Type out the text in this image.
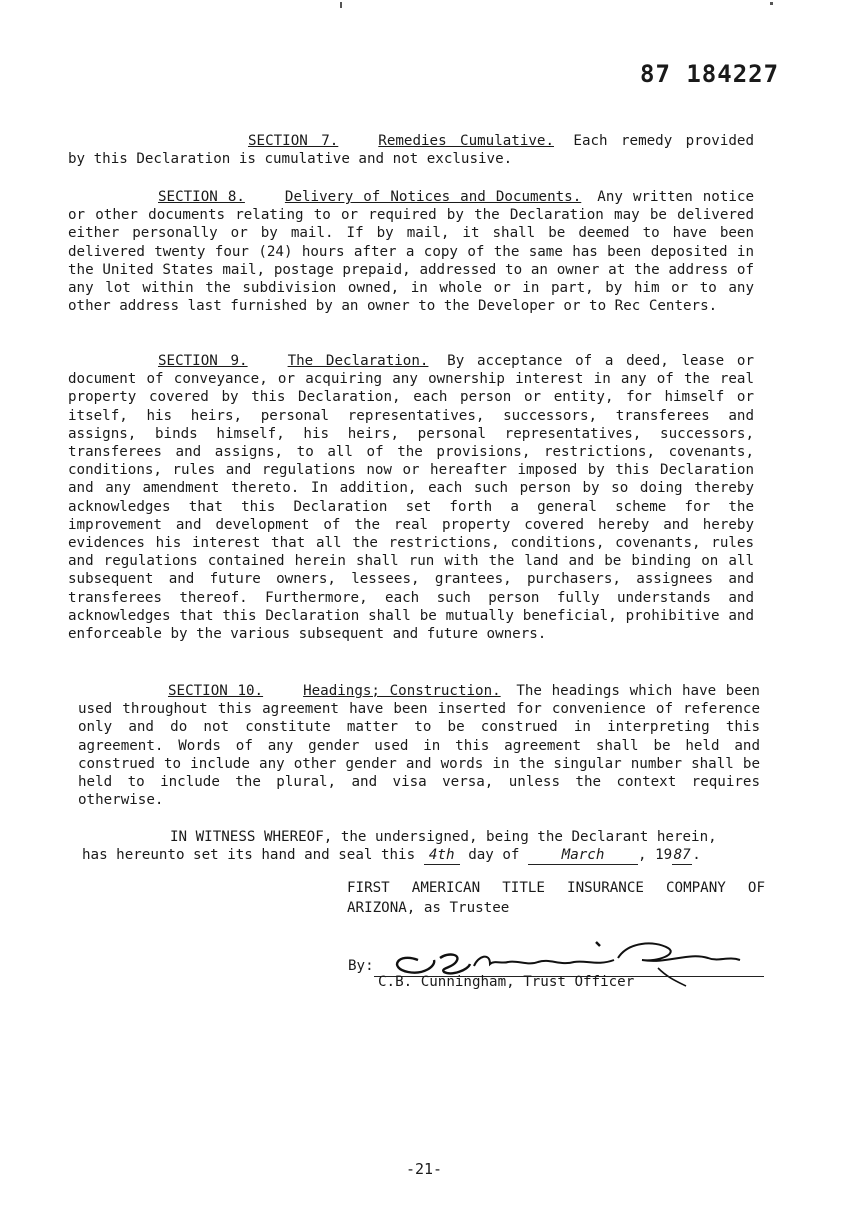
87 184227

SECTION 7.	Remedies Cumulative. Each remedy provided by this Declaration is cumulative and not exclusive.

SECTION 8.	Delivery of Notices and Documents. Any written notice or other documents relating to or required by the Declaration may be delivered either personally or by mail. If by mail, it shall be deemed to have been delivered twenty four (24) hours after a copy of the same has been deposited in the United States mail, postage prepaid, addressed to an owner at the address of any lot within the subdivision owned, in whole or in part, by him or to any other address last furnished by an owner to the Developer or to Rec Centers.

SECTION 9.	The Declaration. By acceptance of a deed, lease or document of conveyance, or acquiring any ownership interest in any of the real property covered by this Declaration, each person or entity, for himself or itself, his heirs, personal representatives, successors, transferees and assigns, binds himself, his heirs, personal representatives, successors, transferees and assigns, to all of the provisions, restrictions, covenants, conditions, rules and regulations now or hereafter imposed by this Declaration and any amendment thereto. In addition, each such person by so doing thereby acknowledges that this Declaration set forth a general scheme for the improvement and development of the real property covered hereby and hereby evidences his interest that all the restrictions, conditions, covenants, rules and regulations contained herein shall run with the land and be binding on all subsequent and future owners, lessees, grantees, purchasers, assignees and transferees thereof. Furthermore, each such person fully understands and acknowledges that this Declaration shall be mutually beneficial, prohibitive and enforceable by the various subsequent and future owners.

SECTION 10.	Headings; Construction. The headings which have been used throughout this agreement have been inserted for convenience of reference only and do not constitute matter to be construed in interpreting this agreement. Words of any gender used in this agreement shall be held and construed to include any other gender and words in the singular number shall be held to include the plural, and visa versa, unless the context requires otherwise.

IN WITNESS WHEREOF, the undersigned, being the Declarant herein,
has hereunto set its hand and seal this 4th day of	March , 1987.
FIRST AMERICAN TITLE INSURANCE COMPANY OF
ARIZONA, as Trustee
By:
C.B. Cunningham, Trust Officer
-21-
